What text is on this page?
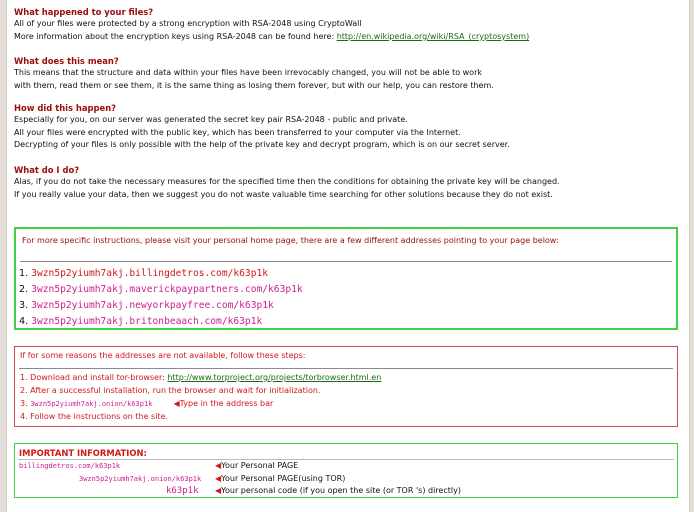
What happened to your files?
All of your files were protected by a strong encryption with RSA-2048 using CryptoWall
More information about the encryption keys using RSA-2048 can be found here: http://en.wikipedia.org/wiki/RSA_(cryptosystem)
What does this mean?
This means that the structure and data within your files have been irrevocably changed, you will not be able to work
with them, read them or see them, it is the same thing as losing them forever, but with our help, you can restore them.
How did this happen?
Especially for you, on our server was generated the secret key pair RSA-2048 - public and private.
All your files were encrypted with the public key, which has been transferred to your computer via the Internet.
Decrypting of your files is only possible with the help of the private key and decrypt program, which is on our secret server.
What do I do?
Alas, if you do not take the necessary measures for the specified time then the conditions for obtaining the private key will be changed.
If you really value your data, then we suggest you do not waste valuable time searching for other solutions because they do not exist.
For more specific instructions, please visit your personal home page, there are a few different addresses pointing to your page below:
1. 3wzn5p2yiumh7akj.billingdetros.com/k63p1k
2. 3wzn5p2yiumh7akj.maverickpaypartners.com/k63p1k
3. 3wzn5p2yiumh7akj.newyorkpayfree.com/k63p1k
4. 3wzn5p2yiumh7akj.britonbeaach.com/k63p1k
If for some reasons the addresses are not available, follow these steps:
1. Download and install tor-browser: http://www.torproject.org/projects/torbrowser.html.en
2. After a successful installation, run the browser and wait for initialization.
3. 3wzn5p2yiumh7akj.onion/k63p1k	◀Type in the address bar
4. Follow the instructions on the site.
IMPORTANT INFORMATION:
billingdetros.com/k63p1k	◀Your Personal PAGE
3wzn5p2yiumh7akj.onion/k63p1k ◀Your Personal PAGE(using TOR)
k63p1k ◀Your personal code (if you open the site (or TOR 's) directly)
